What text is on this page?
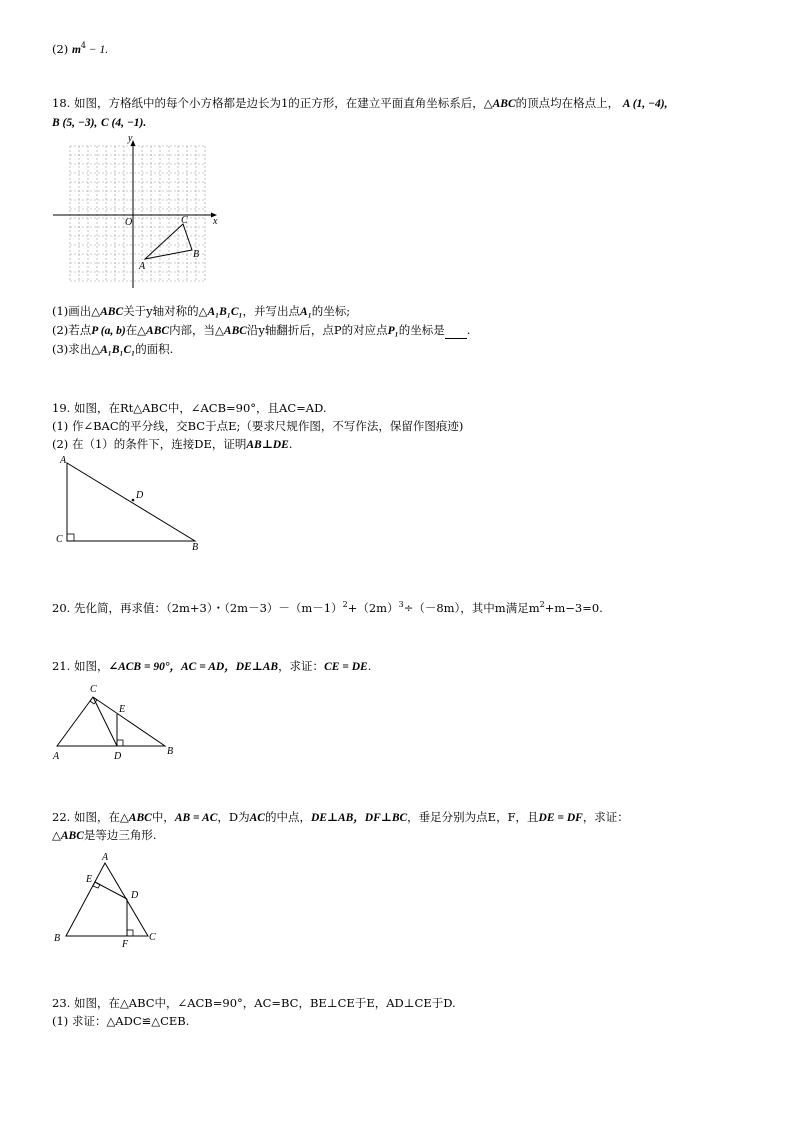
(2) $m^4 - 1$.
18. 如图，方格纸中的每个小方格都是边长为1的正方形，在建立平面直角坐标系后，△ABC的顶点均在格点上， A (1, −4),
B (5, −3), C (4, −1).
y
x
O
A
B
C
(1)画出△ABC关于y轴对称的△A₁B₁C₁，并写出点A₁的坐标;
(2)若点P (a, b)在△ABC内部，当△ABC沿y轴翻折后，点P的对应点P₁的坐标是 .
(3)求出△A₁B₁C₁的面积.
19. 如图，在Rt△ABC中，∠ACB=90°，且AC=AD.
(1) 作∠BAC的平分线，交BC于点E;（要求尺规作图，不写作法，保留作图痕迹)
(2) 在（1）的条件下，连接DE，证明AB⊥DE.
A
D
C
B
20. 先化简，再求值：（2m+3）・$(2m-3)-(m-1)^2+(2m)^3\div(-8m)$，其中m满足$m^2+m-3=0$.
21. 如图，∠ACB = 90°，AC = AD，DE⊥AB，求证：CE = DE.
C
E
A	D	B
22. 如图，在△ABC中，AB = AC，D为AC的中点，DE⊥AB，DF⊥BC，垂足分别为点E，F，且DE = DF，求证：
△ABC是等边三角形.
A
E
D
B
F
C
23. 如图，在△ABC中，∠ACB=90°，AC=BC，BE⊥CE于E，AD⊥CE于D.
(1) 求证：△ADC≌△CEB.
